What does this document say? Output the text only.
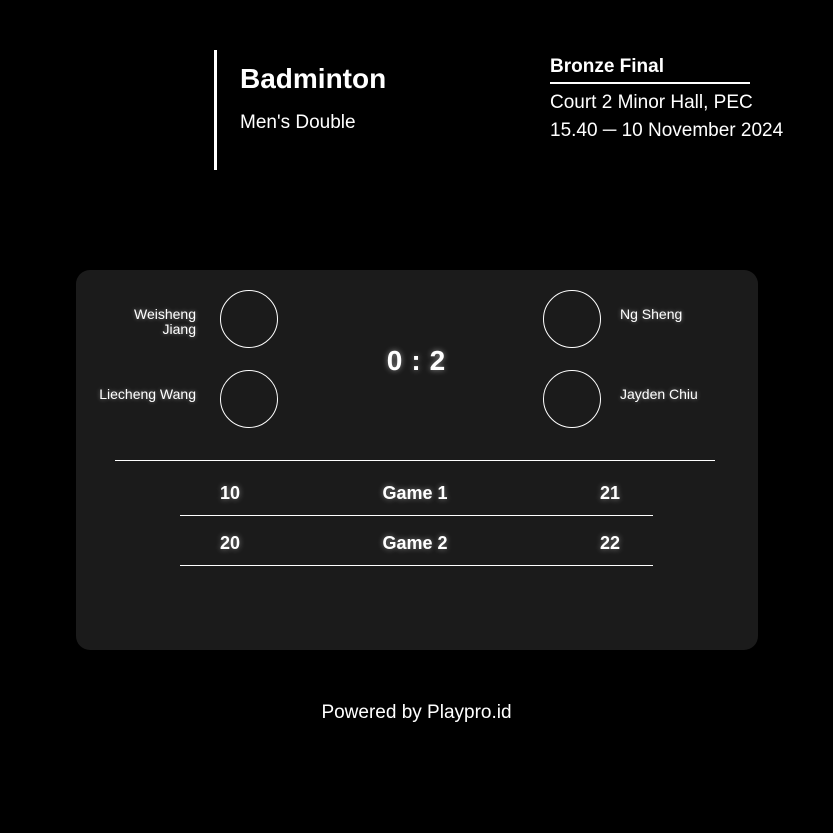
Badminton
Men's Double
Bronze Final
Court 2 Minor Hall, PEC
15.40 ─ 10 November 2024
Weisheng
Jiang
Liecheng Wang
0 : 2
Ng Sheng
Jayden Chiu
10	Game 1	21
20	Game 2	22
Powered by Playpro.id
